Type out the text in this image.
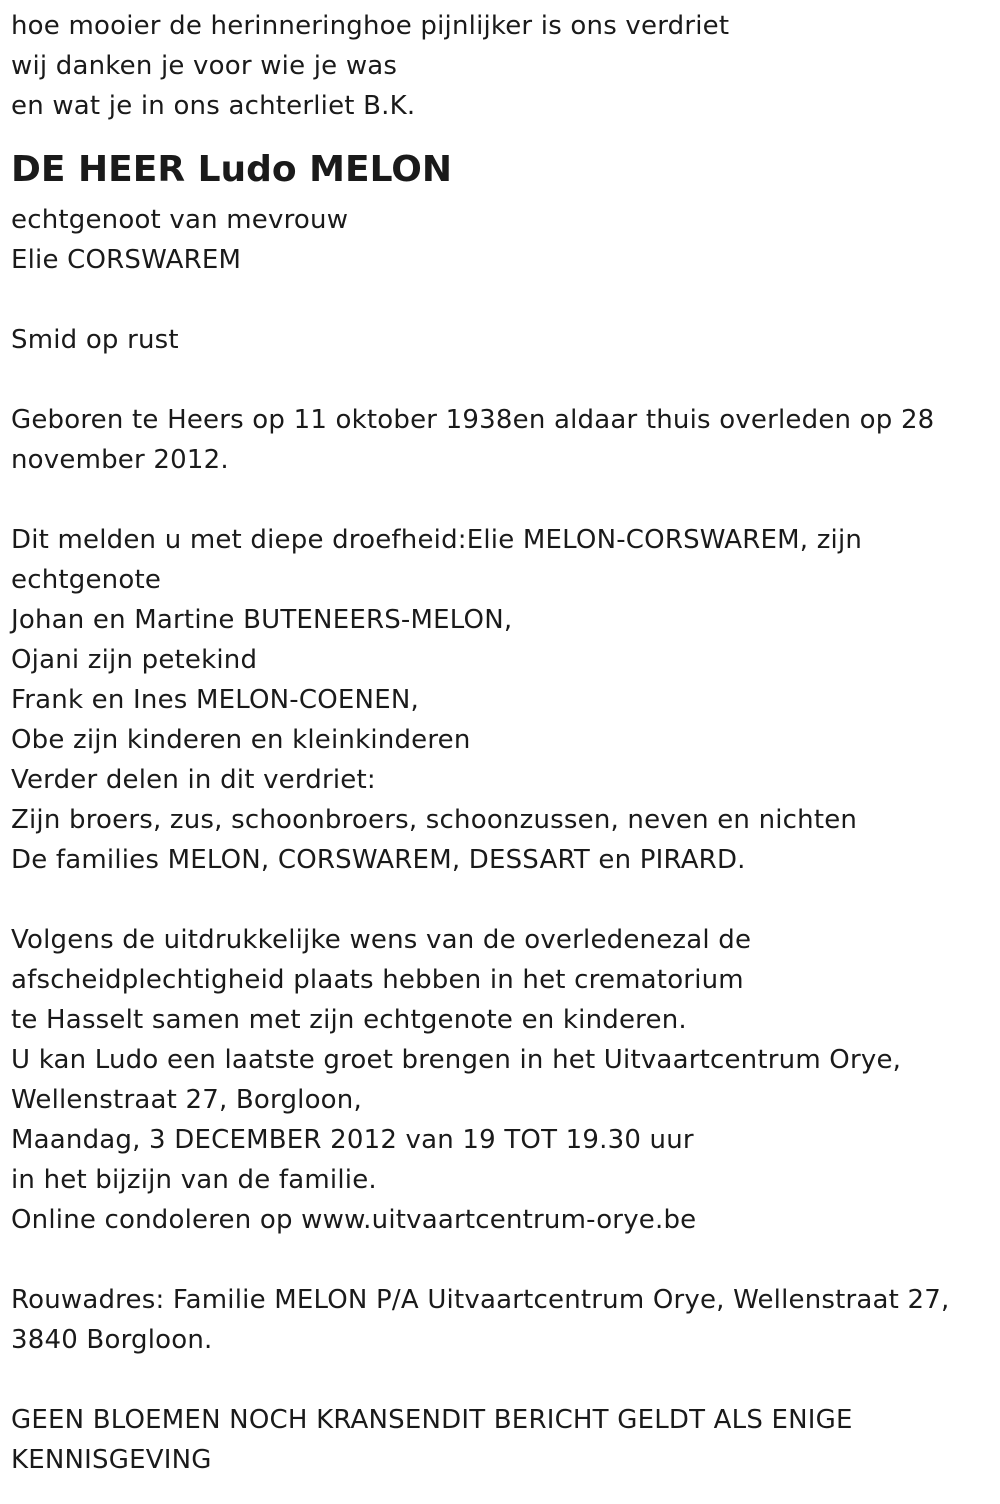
hoe mooier de herinneringhoe pijnlijker is ons verdriet
wij danken je voor wie je was
en wat je in ons achterliet B.K.
DE HEER Ludo MELON
echtgenoot van mevrouw
Elie CORSWAREM
Smid op rust
Geboren te Heers op 11 oktober 1938en aldaar thuis overleden op 28
november 2012.
Dit melden u met diepe droefheid:Elie MELON-CORSWAREM, zijn
echtgenote
Johan en Martine BUTENEERS-MELON,
Ojani zijn petekind
Frank en Ines MELON-COENEN,
Obe zijn kinderen en kleinkinderen
Verder delen in dit verdriet:
Zijn broers, zus, schoonbroers, schoonzussen, neven en nichten
De families MELON, CORSWAREM, DESSART en PIRARD.
Volgens de uitdrukkelijke wens van de overledenezal de
afscheidplechtigheid plaats hebben in het crematorium
te Hasselt samen met zijn echtgenote en kinderen.
U kan Ludo een laatste groet brengen in het Uitvaartcentrum Orye,
Wellenstraat 27, Borgloon,
Maandag, 3 DECEMBER 2012 van 19 TOT 19.30 uur
in het bijzijn van de familie.
Online condoleren op www.uitvaartcentrum-orye.be
Rouwadres: Familie MELON P/A Uitvaartcentrum Orye, Wellenstraat 27,
3840 Borgloon.
GEEN BLOEMEN NOCH KRANSENDIT BERICHT GELDT ALS ENIGE
KENNISGEVING
